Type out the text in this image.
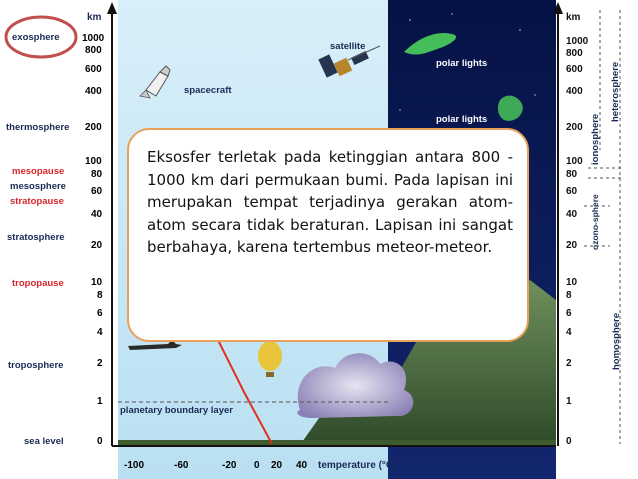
km
exosphere
thermosphere
mesopause
mesosphere
stratopause
stratosphere
tropopause
troposphere
sea level
1000
800
600
400
200
100
80
60
40
20
10
8
6
4
2
1
0
km
1000
800
600
400
200
100
80
60
40
20
10
8
6
4
2
1
0
heterosphere
ionosphere
ozono-sphere
homosphere
satellite
spacecraft
polar lights
polar lights
planetary boundary layer
-100	-60	-20 0 20 40 temperature (°C)

Eksosfer terletak pada ketinggian antara 800 - 1000 km dari permukaan bumi. Pada lapisan ini merupakan tempat terjadinya gerakan atom-atom secara tidak beraturan. Lapisan ini sangat berbahaya, karena tertembus meteor-meteor.
